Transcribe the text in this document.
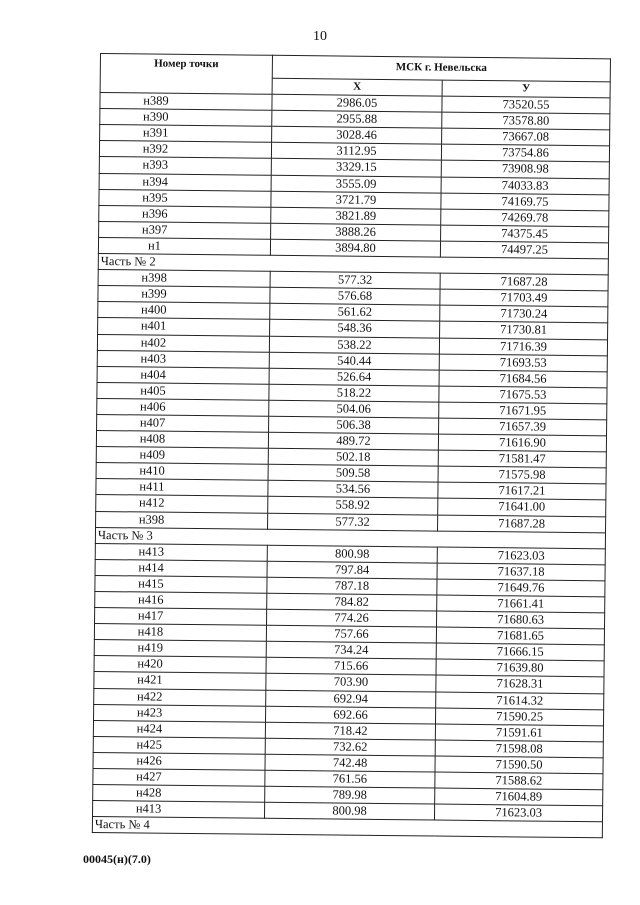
10
Номер точки	МСК г. Невельска	
	Х	У
н389	2986.05	73520.55
н390	2955.88	73578.80
н391	3028.46	73667.08
н392	3112.95	73754.86
н393	3329.15	73908.98
н394	3555.09	74033.83
н395	3721.79	74169.75
н396	3821.89	74269.78
н397	3888.26	74375.45
н1	3894.80	74497.25
Часть № 2		
н398	577.32	71687.28
н399	576.68	71703.49
н400	561.62	71730.24
н401	548.36	71730.81
н402	538.22	71716.39
н403	540.44	71693.53
н404	526.64	71684.56
н405	518.22	71675.53
н406	504.06	71671.95
н407	506.38	71657.39
н408	489.72	71616.90
н409	502.18	71581.47
н410	509.58	71575.98
н411	534.56	71617.21
н412	558.92	71641.00
н398	577.32	71687.28
Часть № 3		
н413	800.98	71623.03
н414	797.84	71637.18
н415	787.18	71649.76
н416	784.82	71661.41
н417	774.26	71680.63
н418	757.66	71681.65
н419	734.24	71666.15
н420	715.66	71639.80
н421	703.90	71628.31
н422	692.94	71614.32
н423	692.66	71590.25
н424	718.42	71591.61
н425	732.62	71598.08
н426	742.48	71590.50
н427	761.56	71588.62
н428	789.98	71604.89
н413	800.98	71623.03
Часть № 4		
00045(н)(7.0)
